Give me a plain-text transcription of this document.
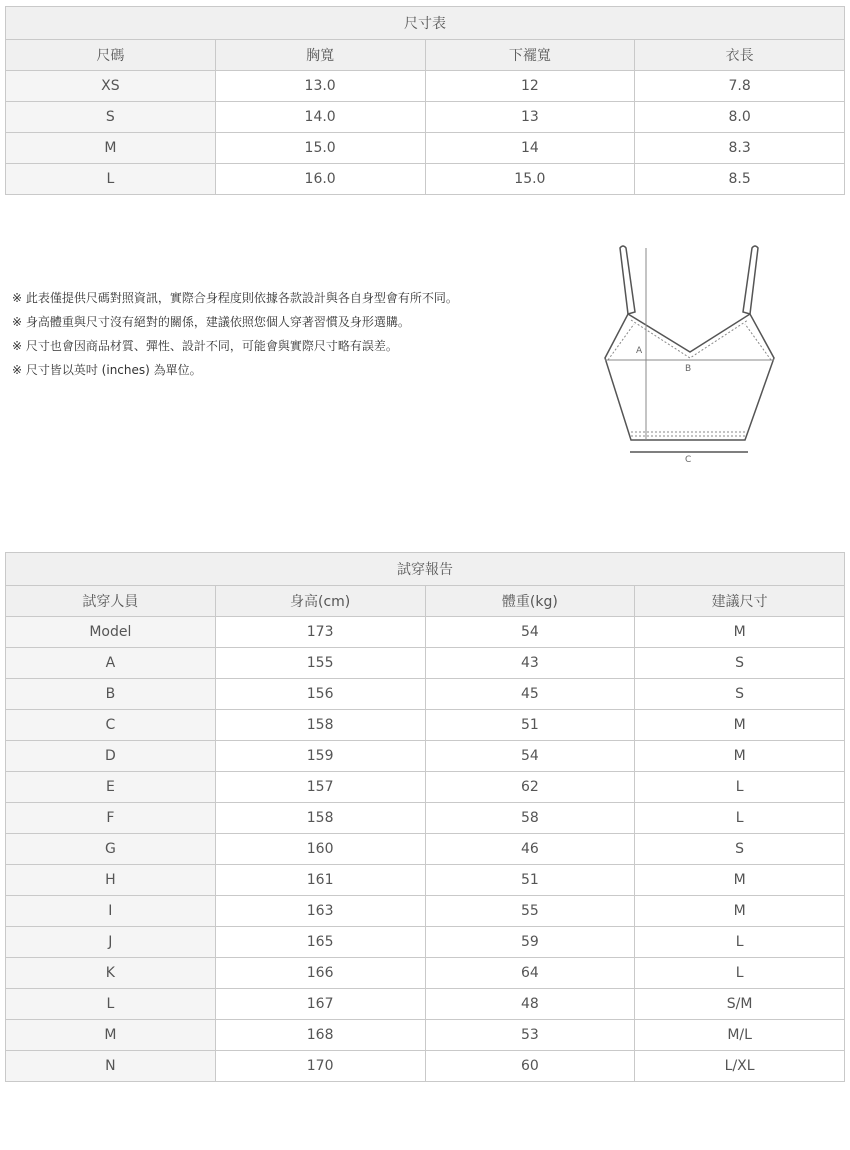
尺寸表			
尺碼	胸寬	下襬寬	衣長
XS	13.0	12	7.8
S	14.0	13	8.0
M	15.0	14	8.3
L	16.0	15.0	8.5
※ 此表僅提供尺碼對照資訊，實際合身程度則依據各款設計與各自身型會有所不同。
※ 身高體重與尺寸沒有絕對的關係，建議依照您個人穿著習慣及身形選購。
※ 尺寸也會因商品材質、彈性、設計不同，可能會與實際尺寸略有誤差。
※ 尺寸皆以英吋 (inches) 為單位。
A
B
C
試穿報告			
試穿人員	身高(cm)	體重(kg)	建議尺寸
Model	173	54	M
A	155	43	S
B	156	45	S
C	158	51	M
D	159	54	M
E	157	62	L
F	158	58	L
G	160	46	S
H	161	51	M
I	163	55	M
J	165	59	L
K	166	64	L
L	167	48	S/M
M	168	53	M/L
N	170	60	L/XL
